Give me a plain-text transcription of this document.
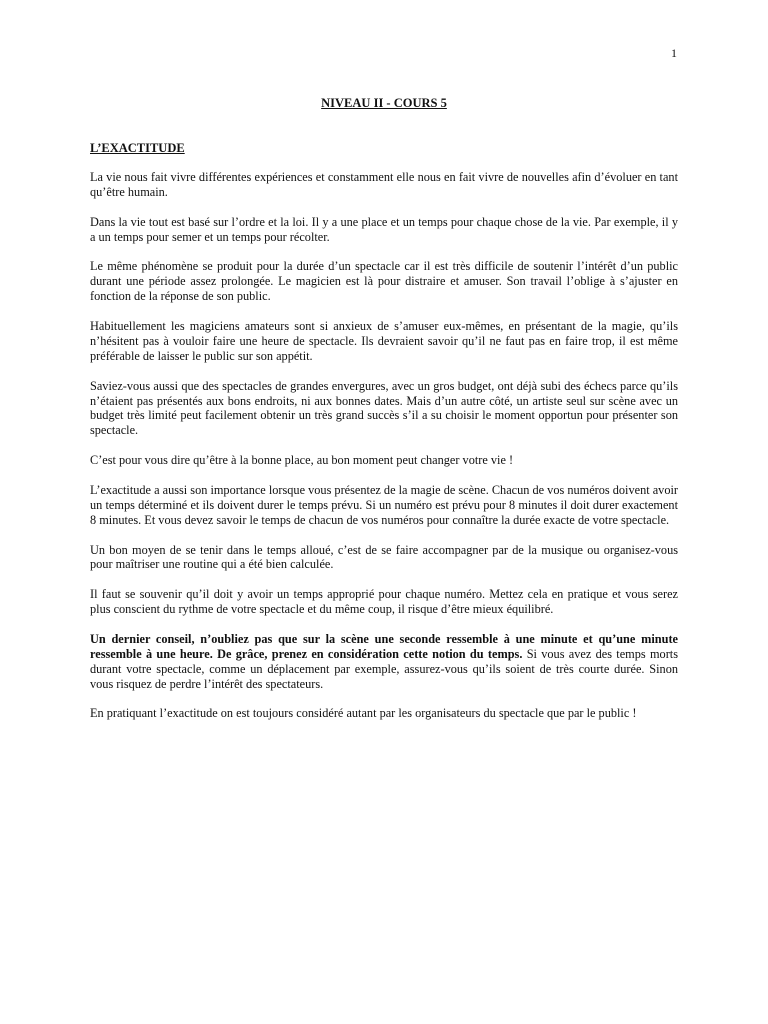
1
NIVEAU II - COURS 5
L’EXACTITUDE

La vie nous fait vivre différentes expériences et constamment elle nous en fait vivre de nouvelles afin d’évoluer en tant qu’être humain.

Dans la vie tout est basé sur l’ordre et la loi. Il y a une place et un temps pour chaque chose de la vie. Par exemple, il y a un temps pour semer et un temps pour récolter.

Le même phénomène se produit pour la durée d’un spectacle car il est très difficile de soutenir l’intérêt d’un public durant une période assez prolongée. Le magicien est là pour distraire et amuser. Son travail l’oblige à s’ajuster en fonction de la réponse de son public.

Habituellement les magiciens amateurs sont si anxieux de s’amuser eux-mêmes, en présentant de la magie, qu’ils n’hésitent pas à vouloir faire une heure de spectacle. Ils devraient savoir qu’il ne faut pas en faire trop, il est même préférable de laisser le public sur son appétit.

Saviez-vous aussi que des spectacles de grandes envergures, avec un gros budget, ont déjà subi des échecs parce qu’ils n’étaient pas présentés aux bons endroits, ni aux bonnes dates. Mais d’un autre côté, un artiste seul sur scène avec un budget très limité peut facilement obtenir un très grand succès s’il a su choisir le moment opportun pour présenter son spectacle.

C’est pour vous dire qu’être à la bonne place, au bon moment peut changer votre vie !

L’exactitude a aussi son importance lorsque vous présentez de la magie de scène. Chacun de vos numéros doivent avoir un temps déterminé et ils doivent durer le temps prévu. Si un numéro est prévu pour 8 minutes il doit durer exactement 8 minutes. Et vous devez savoir le temps de chacun de vos numéros pour connaître la durée exacte de votre spectacle.

Un bon moyen de se tenir dans le temps alloué, c’est de se faire accompagner par de la musique ou organisez-vous pour maîtriser une routine qui a été bien calculée.

Il faut se souvenir qu’il doit y avoir un temps approprié pour chaque numéro. Mettez cela en pratique et vous serez plus conscient du rythme de votre spectacle et du même coup, il risque d’être mieux équilibré.

Un dernier conseil, n’oubliez pas que sur la scène une seconde ressemble à une minute et qu’une minute ressemble à une heure. De grâce, prenez en considération cette notion du temps. Si vous avez des temps morts durant votre spectacle, comme un déplacement par exemple, assurez-vous qu’ils soient de très courte durée. Sinon vous risquez de perdre l’intérêt des spectateurs.

En pratiquant l’exactitude on est toujours considéré autant par les organisateurs du spectacle que par le public !
